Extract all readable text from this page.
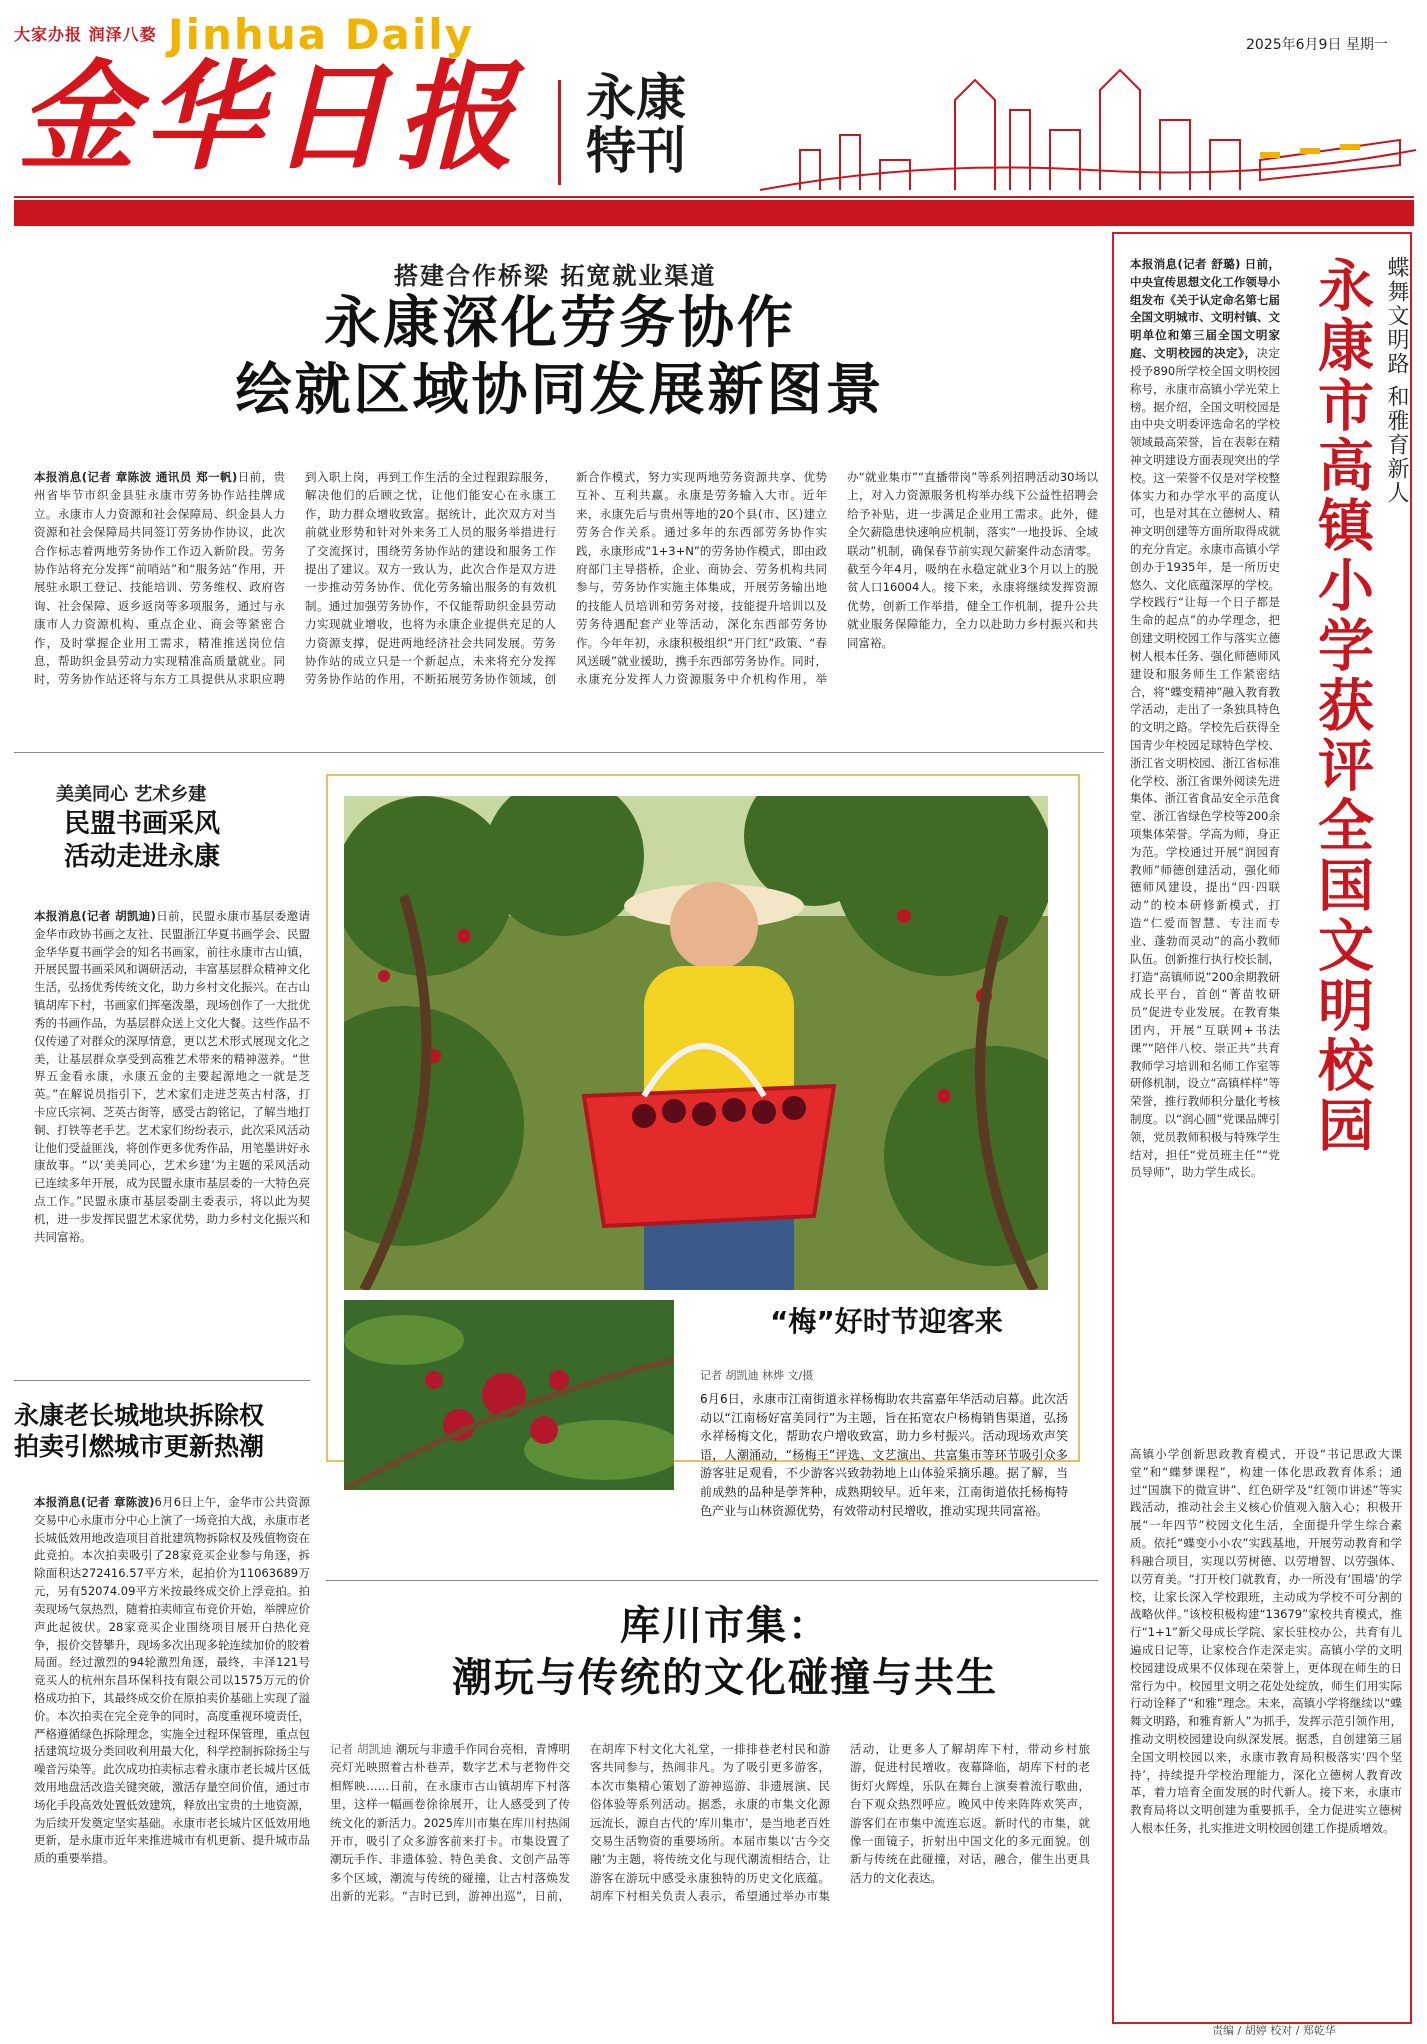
大家办报 润泽八婺 Jinhua Daily
金华日报 永康
特刊
2025年6月9日 星期一
搭建合作桥梁 拓宽就业渠道
永康深化劳务协作
绘就区域协同发展新图景
本报消息(记者 章陈波 通讯员 郑一帆)日前，贵州省毕节市织金县驻永康市劳务协作站挂牌成立。永康市人力资源和社会保障局、织金县人力资源和社会保障局共同签订劳务协作协议，此次合作标志着两地劳务协作工作迈入新阶段。劳务协作站将充分发挥“前哨站”和“服务站”作用，开展驻永职工登记、技能培训、劳务维权、政府咨询、社会保障、返乡返岗等多项服务，通过与永康市人力资源机构、重点企业、商会等紧密合作，及时掌握企业用工需求，精准推送岗位信息，帮助织金县劳动力实现精准高质量就业。同时，劳务协作站还将与东方工具提供从求职应聘到入职上岗，再到工作生活的全过程跟踪服务，解决他们的后顾之忧，让他们能安心在永康工作，助力群众增收致富。据统计，此次双方对当前就业形势和针对外来务工人员的服务举措进行了交流探讨，围绕劳务协作站的建设和服务工作提出了建议。双方一致认为，此次合作是双方进一步推动劳务协作、优化劳务输出服务的有效机制。通过加强劳务协作，不仅能帮助织金县劳动力实现就业增收，也将为永康企业提供充足的人力资源支撑，促进两地经济社会共同发展。劳务协作站的成立只是一个新起点，未来将充分发挥劳务协作站的作用，不断拓展劳务协作领域，创新合作模式，努力实现两地劳务资源共享、优势互补、互利共赢。永康是劳务输入大市。近年来，永康先后与贵州等地的20个县(市、区)建立劳务合作关系。通过多年的东西部劳务协作实践，永康形成“1+3+N”的劳务协作模式，即由政府部门主导搭桥，企业、商协会、劳务机构共同参与，劳务协作实施主体集成，开展劳务输出地的技能人员培训和劳务对接，技能提升培训以及劳务待遇配套产业等活动，深化东西部劳务协作。今年年初，永康积极组织“开门红”政策、“春风送暖”就业援助，携手东西部劳务协作。同时，永康充分发挥人力资源服务中介机构作用，举办“就业集市”“直播带岗”等系列招聘活动30场以上，对入力资源服务机构举办线下公益性招聘会给予补贴，进一步满足企业用工需求。此外，健全欠薪隐患快速响应机制，落实“一地投诉、全域联动”机制，确保春节前实现欠薪案件动态清零。截至今年4月，吸纳在永稳定就业3个月以上的脱贫人口16004人。接下来，永康将继续发挥资源优势，创新工作举措，健全工作机制，提升公共就业服务保障能力，全力以赴助力乡村振兴和共同富裕。
美美同心 艺术乡建
民盟书画采风
活动走进永康
本报消息(记者 胡凯迪)日前，民盟永康市基层委邀请金华市政协书画之友社、民盟浙江华夏书画学会、民盟金华华夏书画学会的知名书画家，前往永康市古山镇，开展民盟书画采风和调研活动，丰富基层群众精神文化生活，弘扬优秀传统文化，助力乡村文化振兴。在古山镇胡库下村，书画家们挥毫泼墨，现场创作了一大批优秀的书画作品，为基层群众送上文化大餐。这些作品不仅传递了对群众的深厚情意，更以艺术形式展现文化之美，让基层群众享受到高雅艺术带来的精神滋养。“世界五金看永康，永康五金的主要起源地之一就是芝英。”在解说员指引下，艺术家们走进芝英古村落，打卡应氏宗祠、芝英古街等，感受古韵铭记，了解当地打铜、打铁等老手艺。艺术家们纷纷表示，此次采风活动让他们受益匪浅，将创作更多优秀作品，用笔墨讲好永康故事。“以‘美美同心，艺术乡建’为主题的采风活动已连续多年开展，成为民盟永康市基层委的一大特色亮点工作。”民盟永康市基层委副主委表示，将以此为契机，进一步发挥民盟艺术家优势，助力乡村文化振兴和共同富裕。
永康老长城地块拆除权
拍卖引燃城市更新热潮
本报消息(记者 章陈波)6月6日上午，金华市公共资源交易中心永康市分中心上演了一场竞拍大战，永康市老长城低效用地改造项目首批建筑物拆除权及残值物资在此竞拍。本次拍卖吸引了28家竞买企业参与角逐，拆除面积达272416.57平方米，起拍价为11063689万元，另有52074.09平方米按最终成交价上浮竞拍。拍卖现场气氛热烈，随着拍卖师宣布竞价开始，举牌应价声此起彼伏。28家竞买企业围绕项目展开白热化竞争，报价交替攀升，现场多次出现多轮连续加价的胶着局面。经过激烈的94轮激烈角逐，最终，丰泽121号竞买人的杭州东昌环保科技有限公司以1575万元的价格成功拍下，其最终成交价在原拍卖价基础上实现了溢价。本次拍卖在完全竞争的同时，高度重视环境责任，严格遵循绿色拆除理念，实施全过程环保管理，重点包括建筑垃圾分类回收利用最大化，科学控制拆除扬尘与噪音污染等。此次成功拍卖标志着永康市老长城片区低效用地盘活改造关键突破，激活存量空间价值，通过市场化手段高效处置低效建筑，释放出宝贵的土地资源，为后续开发奠定坚实基础。永康市老长城片区低效用地更新，是永康市近年来推进城市有机更新、提升城市品质的重要举措。
“梅”好时节迎客来
记者 胡凯迪 林烨 文/摄
6月6日，永康市江南街道永祥杨梅助农共富嘉年华活动启幕。此次活动以“江南杨好富美同行”为主题，旨在拓宽农户杨梅销售渠道，弘扬永祥杨梅文化，帮助农户增收致富，助力乡村振兴。活动现场欢声笑语，人潮涌动，“杨梅王”评选、文艺演出、共富集市等环节吸引众多游客驻足观看，不少游客兴致勃勃地上山体验采摘乐趣。据了解，当前成熟的品种是荸荠种，成熟期较早。近年来，江南街道依托杨梅特色产业与山林资源优势，有效带动村民增收，推动实现共同富裕。
库川市集：
潮玩与传统的文化碰撞与共生
记者 胡凯迪 潮玩与非遗手作同台亮相，青博明亮灯光映照着古朴巷弄，数字艺术与老物件交相辉映……日前，在永康市古山镇胡库下村落里，这样一幅画卷徐徐展开，让人感受到了传统文化的新活力。2025库川市集在库川村热闹开市，吸引了众多游客前来打卡。市集设置了潮玩手作、非遗体验、特色美食、文创产品等多个区域，潮流与传统的碰撞，让古村落焕发出新的光彩。“吉时已到，游神出巡”，日前，在胡库下村文化大礼堂，一排排巷老村民和游客共同参与，热闹非凡。为了吸引更多游客，本次市集精心策划了游神巡游、非遗展演、民俗体验等系列活动。据悉，永康的市集文化源远流长，源自古代的‘库川集市’，是当地老百姓交易生活物资的重要场所。本届市集以‘古今交融’为主题，将传统文化与现代潮流相结合，让游客在游玩中感受永康独特的历史文化底蕴。胡库下村相关负责人表示，希望通过举办市集活动，让更多人了解胡库下村，带动乡村旅游，促进村民增收。夜幕降临，胡库下村的老街灯火辉煌，乐队在舞台上演奏着流行歌曲，台下观众热烈呼应。晚风中传来阵阵欢笑声，游客们在市集中流连忘返。新时代的市集，就像一面镜子，折射出中国文化的多元面貌。创新与传统在此碰撞，对话，融合，催生出更具活力的文化表达。
蝶舞文明路 和雅育新人
永康市高镇小学获评全国文明校园
本报消息(记者 舒璐) 日前，中央宣传思想文化工作领导小组发布《关于认定命名第七届全国文明城市、文明村镇、文明单位和第三届全国文明家庭、文明校园的决定》，决定授予890所学校全国文明校园称号，永康市高镇小学光荣上榜。据介绍，全国文明校园是由中央文明委评选命名的学校领域最高荣誉，旨在表彰在精神文明建设方面表现突出的学校。这一荣誉不仅是对学校整体实力和办学水平的高度认可，也是对其在立德树人、精神文明创建等方面所取得成就的充分肯定。永康市高镇小学创办于1935年，是一所历史悠久、文化底蕴深厚的学校。学校践行“让每一个日子都是生命的起点”的办学理念，把创建文明校园工作与落实立德树人根本任务、强化师德师风建设和服务师生工作紧密结合，将“蝶变精神”融入教育教学活动，走出了一条独具特色的文明之路。学校先后获得全国青少年校园足球特色学校、浙江省文明校园、浙江省标准化学校、浙江省课外阅读先进集体、浙江省食品安全示范食堂、浙江省绿色学校等200余项集体荣誉。学高为师，身正为范。学校通过开展“润园育教师”师德创建活动，强化师德师风建设，提出“四·四联动”的校本研修新模式，打造“仁爱而智慧、专注而专业、蓬勃而灵动”的高小教师队伍。创新推行执行校长制，打造“高镇师说”200余期教研成长平台，首创“菁苗牧研员”促进专业发展。在教育集团内，开展“互联网+书法课”“陪伴八校、崇正共”共育教师学习培训和名师工作室等研修机制，设立“高镇样样”等荣誉，推行教师积分量化考核制度。以“润心圆”党课品牌引领，党员教师积极与特殊学生结对，担任“党员班主任”“党员导师”，助力学生成长。
高镇小学创新思政教育模式，开设“书记思政大课堂”和“蝶梦课程”，构建一体化思政教育体系；通过“国旗下的微宣讲”、红色研学及“红领巾讲述”等实践活动，推动社会主义核心价值观入脑入心；积极开展“一年四节”校园文化生活，全面提升学生综合素质。依托“蝶变小小农”实践基地，开展劳动教育和学科融合项目，实现以劳树德、以劳增智、以劳强体、以劳育美。“打开校门就教育，办一所没有‘围墙’的学校，让家长深入学校跟班，主动成为学校不可分割的战略伙伴。”该校积极构建“13679”家校共育模式，推行“1+1”新父母成长学院、家长驻校办公，共育有儿遍成日记等，让家校合作走深走实。高镇小学的文明校园建设成果不仅体现在荣誉上，更体现在师生的日常行为中。校园里文明之花处处绽放，师生们用实际行动诠释了“和雅”理念。未来，高镇小学将继续以“蝶舞文明路，和雅育新人”为抓手，发挥示范引领作用，推动文明校园建设向纵深发展。据悉，自创建第三届全国文明校园以来，永康市教育局积极落实‘四个坚持’，持续提升学校治理能力，深化立德树人教育改革，着力培育全面发展的时代新人。接下来，永康市教育局将以文明创建为重要抓手，全力促进实立德树人根本任务，扎实推进文明校园创建工作提质增效。
责编 / 胡婷 校对 / 郑乾华
